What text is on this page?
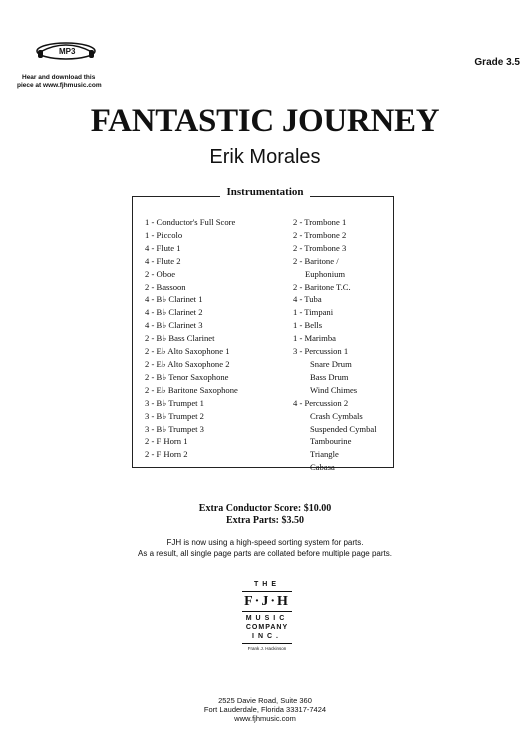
MP3
Hear and download this
piece at www.fjhmusic.com
Grade 3.5
FANTASTIC JOURNEY
Erik Morales
Instrumentation
1 - Conductor's Full Score
1 - Piccolo
4 - Flute 1
4 - Flute 2
2 - Oboe
2 - Bassoon
4 - B♭ Clarinet 1
4 - B♭ Clarinet 2
4 - B♭ Clarinet 3
2 - B♭ Bass Clarinet
2 - E♭ Alto Saxophone 1
2 - E♭ Alto Saxophone 2
2 - B♭ Tenor Saxophone
2 - E♭ Baritone Saxophone
3 - B♭ Trumpet 1
3 - B♭ Trumpet 2
3 - B♭ Trumpet 3
2 - F Horn 1
2 - F Horn 2
2 - Trombone 1
2 - Trombone 2
2 - Trombone 3
2 - Baritone /
Euphonium
2 - Baritone T.C.
4 - Tuba
1 - Timpani
1 - Bells
1 - Marimba
3 - Percussion 1
Snare Drum
Bass Drum
Wind Chimes
4 - Percussion 2
Crash Cymbals
Suspended Cymbal
Tambourine
Triangle
Cabasa
Extra Conductor Score: $10.00
Extra Parts: $3.50
FJH is now using a high-speed sorting system for parts.
As a result, all single page parts are collated before multiple page parts.
THE
F·J·H
MUSIC
COMPANY
INC.
Frank J. Hackinson
2525 Davie Road, Suite 360
Fort Lauderdale, Florida 33317-7424
www.fjhmusic.com
